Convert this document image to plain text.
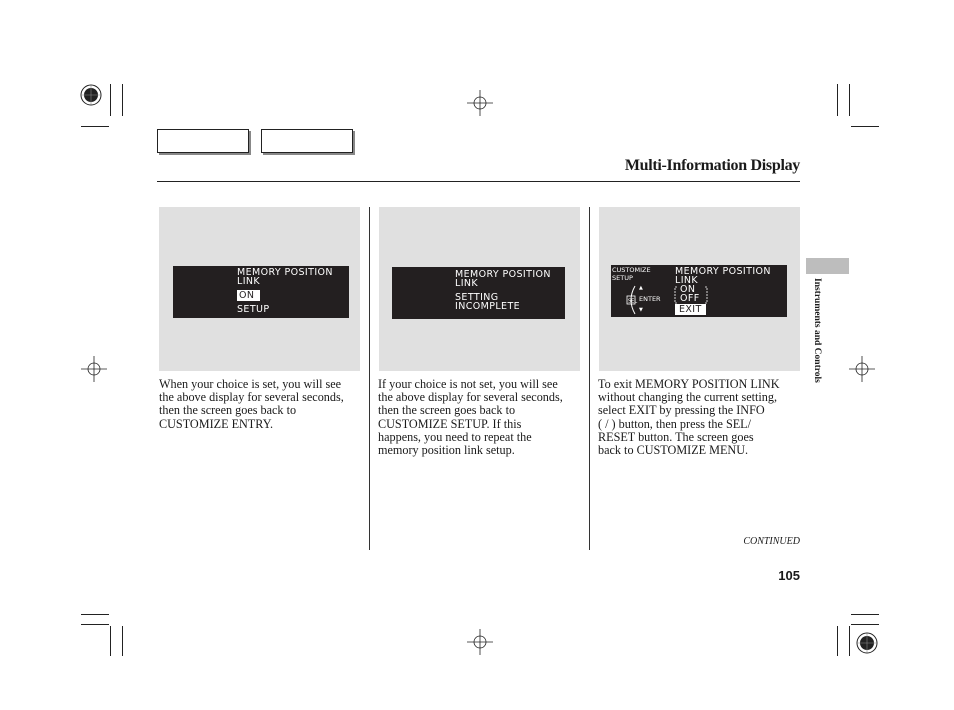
Multi-Information Display
MEMORY POSITION
LINK
ON
SETUP

When your choice is set, you will see

the above display for several seconds,

then the screen goes back to

CUSTOMIZE ENTRY.

MEMORY POSITION
LINK
SETTING
INCOMPLETE

If your choice is not set, you will see

the above display for several seconds,

then the screen goes back to

CUSTOMIZE SETUP. If this

happens, you need to repeat the

memory position link setup.

CUSTOMIZE
SETUP
SEL
▲
ENTER
▼
MEMORY POSITION
LINK
ON
OFF
EXIT

To exit MEMORY POSITION LINK

without changing the current setting,

select EXIT by pressing the INFO

( / ) button, then press the SEL/

RESET button. The screen goes

back to CUSTOMIZE MENU.

CONTINUED
105
Instruments and Controls
